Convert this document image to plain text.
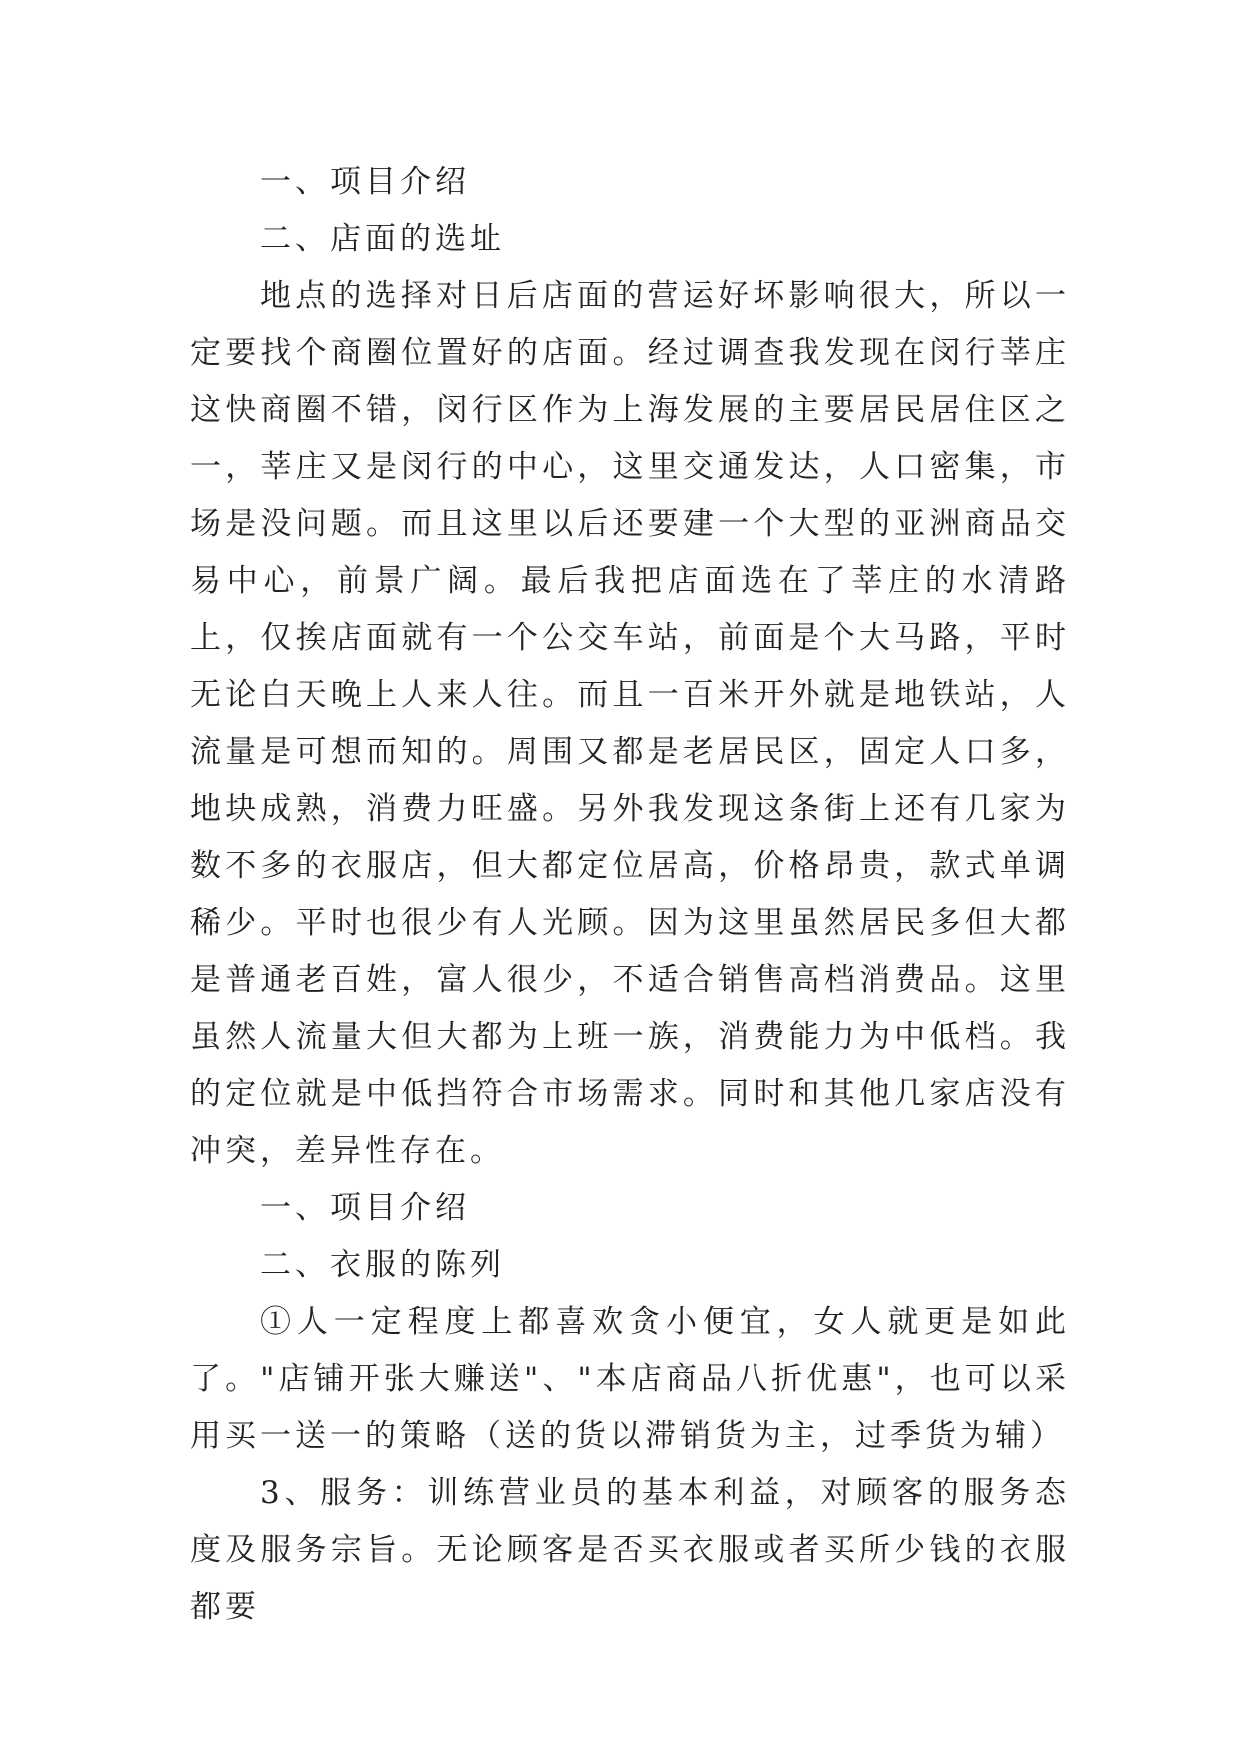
一、项目介绍

二、店面的选址

地点的选择对日后店面的营运好坏影响很大，所以一定要找个商圈位置好的店面。经过调查我发现在闵行莘庄这快商圈不错，闵行区作为上海发展的主要居民居住区之一，莘庄又是闵行的中心，这里交通发达，人口密集，市场是没问题。而且这里以后还要建一个大型的亚洲商品交易中心，前景广阔。最后我把店面选在了莘庄的水清路上，仅挨店面就有一个公交车站，前面是个大马路，平时无论白天晚上人来人往。而且一百米开外就是地铁站，人流量是可想而知的。周围又都是老居民区，固定人口多，地块成熟，消费力旺盛。另外我发现这条街上还有几家为数不多的衣服店，但大都定位居高，价格昂贵，款式单调稀少。平时也很少有人光顾。因为这里虽然居民多但大都是普通老百姓，富人很少，不适合销售高档消费品。这里虽然人流量大但大都为上班一族，消费能力为中低档。我的定位就是中低挡符合市场需求。同时和其他几家店没有冲突，差异性存在。

一、项目介绍

二、衣服的陈列

①人一定程度上都喜欢贪小便宜，女人就更是如此了。"店铺开张大赚送"、"本店商品八折优惠"，也可以采用买一送一的策略（送的货以滞销货为主，过季货为辅）

3、服务：训练营业员的基本利益，对顾客的服务态度及服务宗旨。无论顾客是否买衣服或者买所少钱的衣服都要
